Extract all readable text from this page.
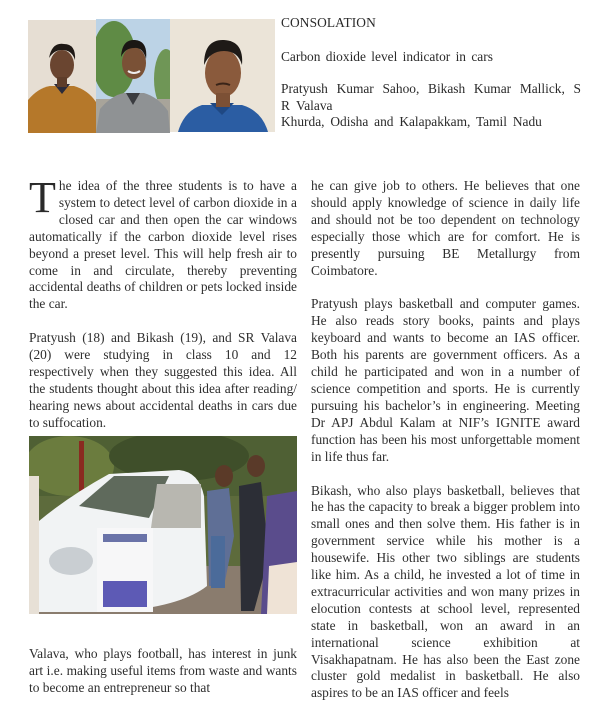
CONSOLATION

Carbon dioxide level indicator in cars

Pratyush Kumar Sahoo, Bikash Kumar Mallick, S R Valava

Khurda, Odisha and Kalapakkam, Tamil Nadu

The idea of the three students is to have a system to detect level of carbon dioxide in a closed car and then open the car windows automatically if the carbon dioxide level rises beyond a preset level. This will help fresh air to come in and circulate, thereby preventing accidental deaths of children or pets locked inside the car.

Pratyush (18) and Bikash (19), and SR Valava (20) were studying in class 10 and 12 respectively when they suggested this idea. All the students thought about this idea after reading/ hearing news about accidental deaths in cars due to suffocation.

Valava, who plays football, has interest in junk art i.e. making useful items from waste and wants to become an entrepreneur so that

he can give job to others. He believes that one should apply knowledge of science in daily life and should not be too dependent on technology especially those which are for comfort. He is presently pursuing BE Metallurgy from Coimbatore.

Pratyush plays basketball and computer games. He also reads story books, paints and plays keyboard and wants to become an IAS officer. Both his parents are government officers. As a child he participated and won in a number of science competition and sports. He is currently pursuing his bachelor’s in engineering. Meeting Dr APJ Abdul Kalam at NIF’s IGNITE award function has been his most unforgettable moment in life thus far.

Bikash, who also plays basketball, believes that he has the capacity to break a bigger problem into small ones and then solve them. His father is in government service while his mother is a housewife. His other two siblings are students like him. As a child, he invested a lot of time in extracurricular activities and won many prizes in elocution contests at school level, represented state in basketball, won an award in an international science exhibition at Visakhapatnam. He has also been the East zone cluster gold medalist in basketball. He also aspires to be an IAS officer and feels
